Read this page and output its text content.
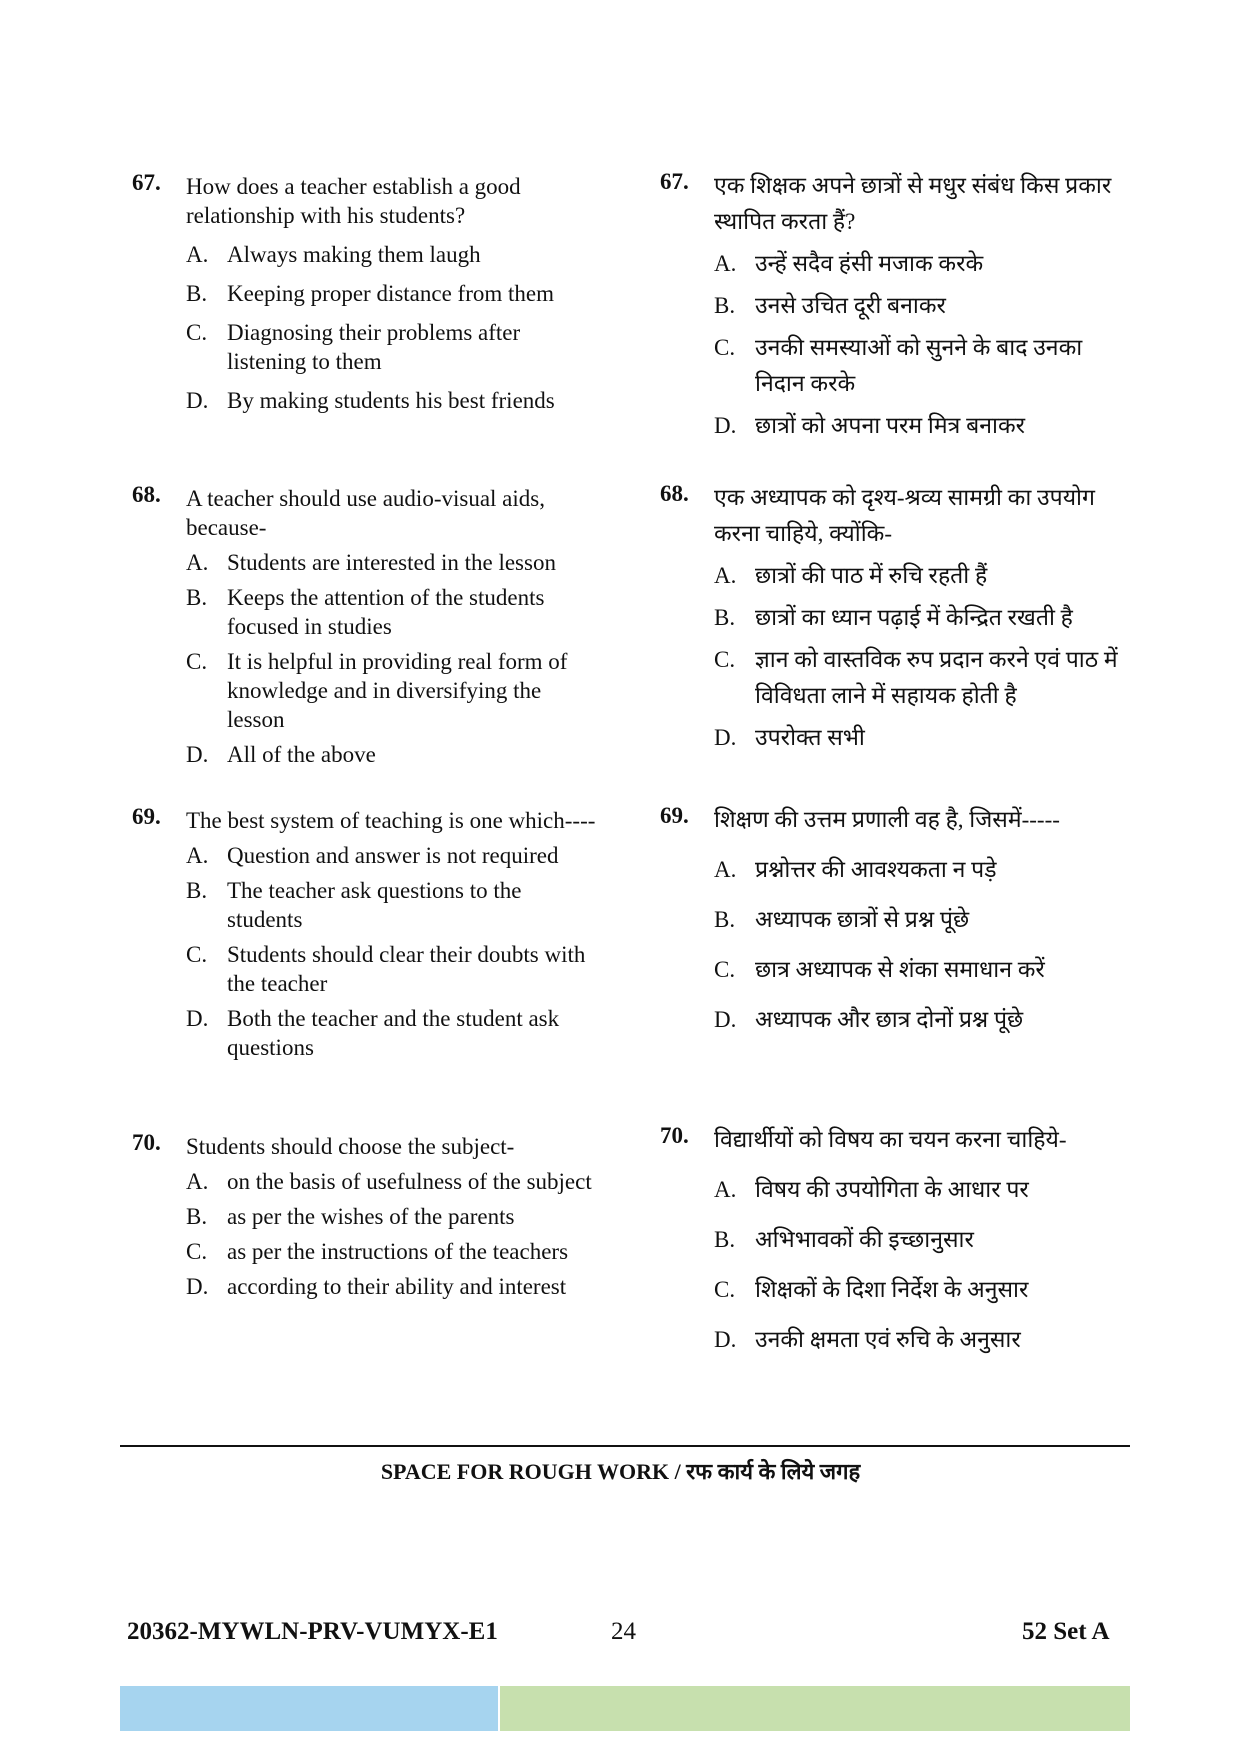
67. How does a teacher establish a good relationship with his students?
A. Always making them laugh
B. Keeping proper distance from them
C. Diagnosing their problems after listening to them
D. By making students his best friends
68. A teacher should use audio-visual aids, because-
A. Students are interested in the lesson
B. Keeps the attention of the students focused in studies
C. It is helpful in providing real form of knowledge and in diversifying the lesson
D. All of the above
69. The best system of teaching is one which----
A. Question and answer is not required
B. The teacher ask questions to the students
C. Students should clear their doubts with the teacher
D. Both the teacher and the student ask questions
70. Students should choose the subject-
A. on the basis of usefulness of the subject
B. as per the wishes of the parents
C. as per the instructions of the teachers
D. according to their ability and interest
67. एक शिक्षक अपने छात्रों से मधुर संबंध किस प्रकार स्थापित करता हैं?
A. उन्हें सदैव हंसी मजाक करके
B. उनसे उचित दूरी बनाकर
C. उनकी समस्याओं को सुनने के बाद उनका निदान करके
D. छात्रों को अपना परम मित्र बनाकर
68. एक अध्यापक को दृश्य-श्रव्य सामग्री का उपयोग करना चाहिये, क्योंकि-
A. छात्रों की पाठ में रुचि रहती हैं
B. छात्रों का ध्यान पढ़ाई में केन्द्रित रखती है
C. ज्ञान को वास्तविक रुप प्रदान करने एवं पाठ में विविधता लाने में सहायक होती है
D. उपरोक्त सभी
69. शिक्षण की उत्तम प्रणाली वह है, जिसमें-----
A. प्रश्नोत्तर की आवश्यकता न पड़े
B. अध्यापक छात्रों से प्रश्न पूंछे
C. छात्र अध्यापक से शंका समाधान करें
D. अध्यापक और छात्र दोनों प्रश्न पूंछे
70. विद्यार्थीयों को विषय का चयन करना चाहिये-
A. विषय की उपयोगिता के आधार पर
B. अभिभावकों की इच्छानुसार
C. शिक्षकों के दिशा निर्देश के अनुसार
D. उनकी क्षमता एवं रुचि के अनुसार
SPACE FOR ROUGH WORK / रफ कार्य के लिये जगह
20362-MYWLN-PRV-VUMYX-E1	24	52 Set A
